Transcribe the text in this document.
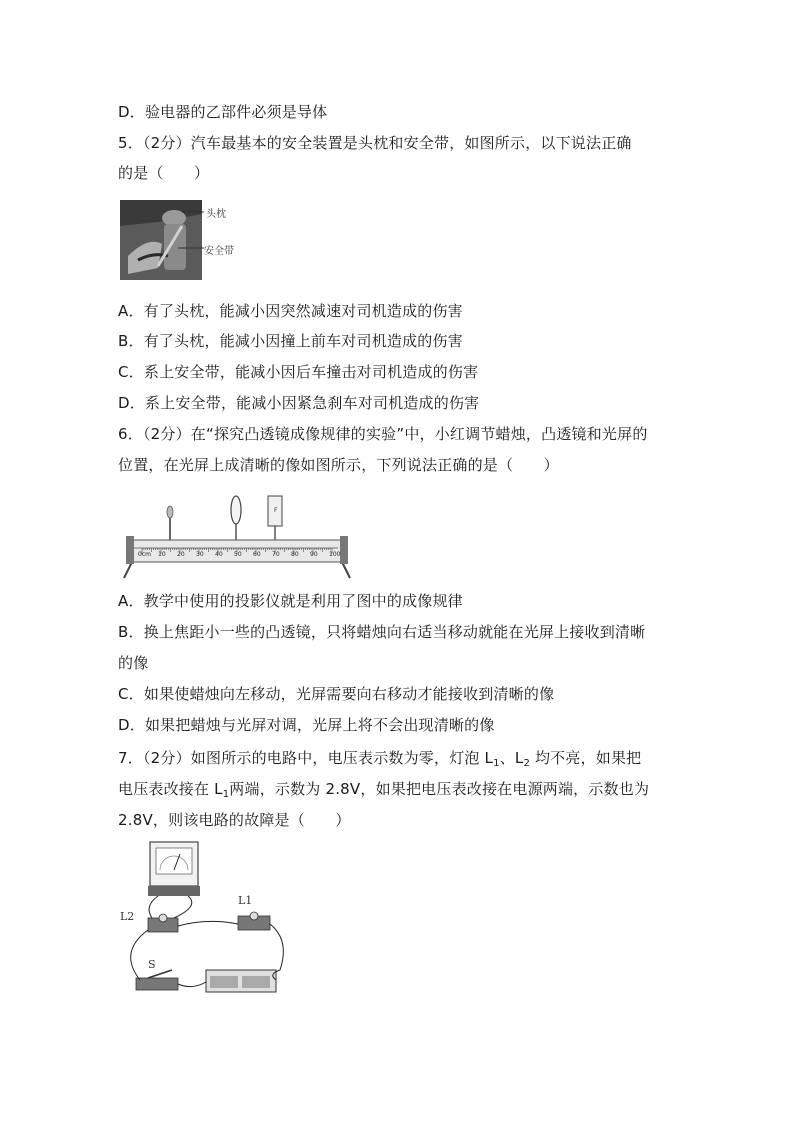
D．验电器的乙部件必须是导体
5．（2分）汽车最基本的安全装置是头枕和安全带，如图所示，以下说法正确
的是（　　）
头枕
安全带
A．有了头枕，能减小因突然减速对司机造成的伤害
B．有了头枕，能减小因撞上前车对司机造成的伤害
C．系上安全带，能减小因后车撞击对司机造成的伤害
D．系上安全带，能减小因紧急刹车对司机造成的伤害
6．（2分）在“探究凸透镜成像规律的实验”中，小红调节蜡烛，凸透镜和光屏的
位置，在光屏上成清晰的像如图所示，下列说法正确的是（　　）
F
0cm 10 20 30 40 50 60 70 80 90 100
A．教学中使用的投影仪就是利用了图中的成像规律
B．换上焦距小一些的凸透镜，只将蜡烛向右适当移动就能在光屏上接收到清晰
的像
C．如果使蜡烛向左移动，光屏需要向右移动才能接收到清晰的像
D．如果把蜡烛与光屏对调，光屏上将不会出现清晰的像
7．（2分）如图所示的电路中，电压表示数为零，灯泡 $L_1$、$L_2$ 均不亮，如果把
电压表改接在 $L_1$两端，示数为 2.8V，如果把电压表改接在电源两端，示数也为
2.8V，则该电路的故障是（　　）
L2
L1
S
